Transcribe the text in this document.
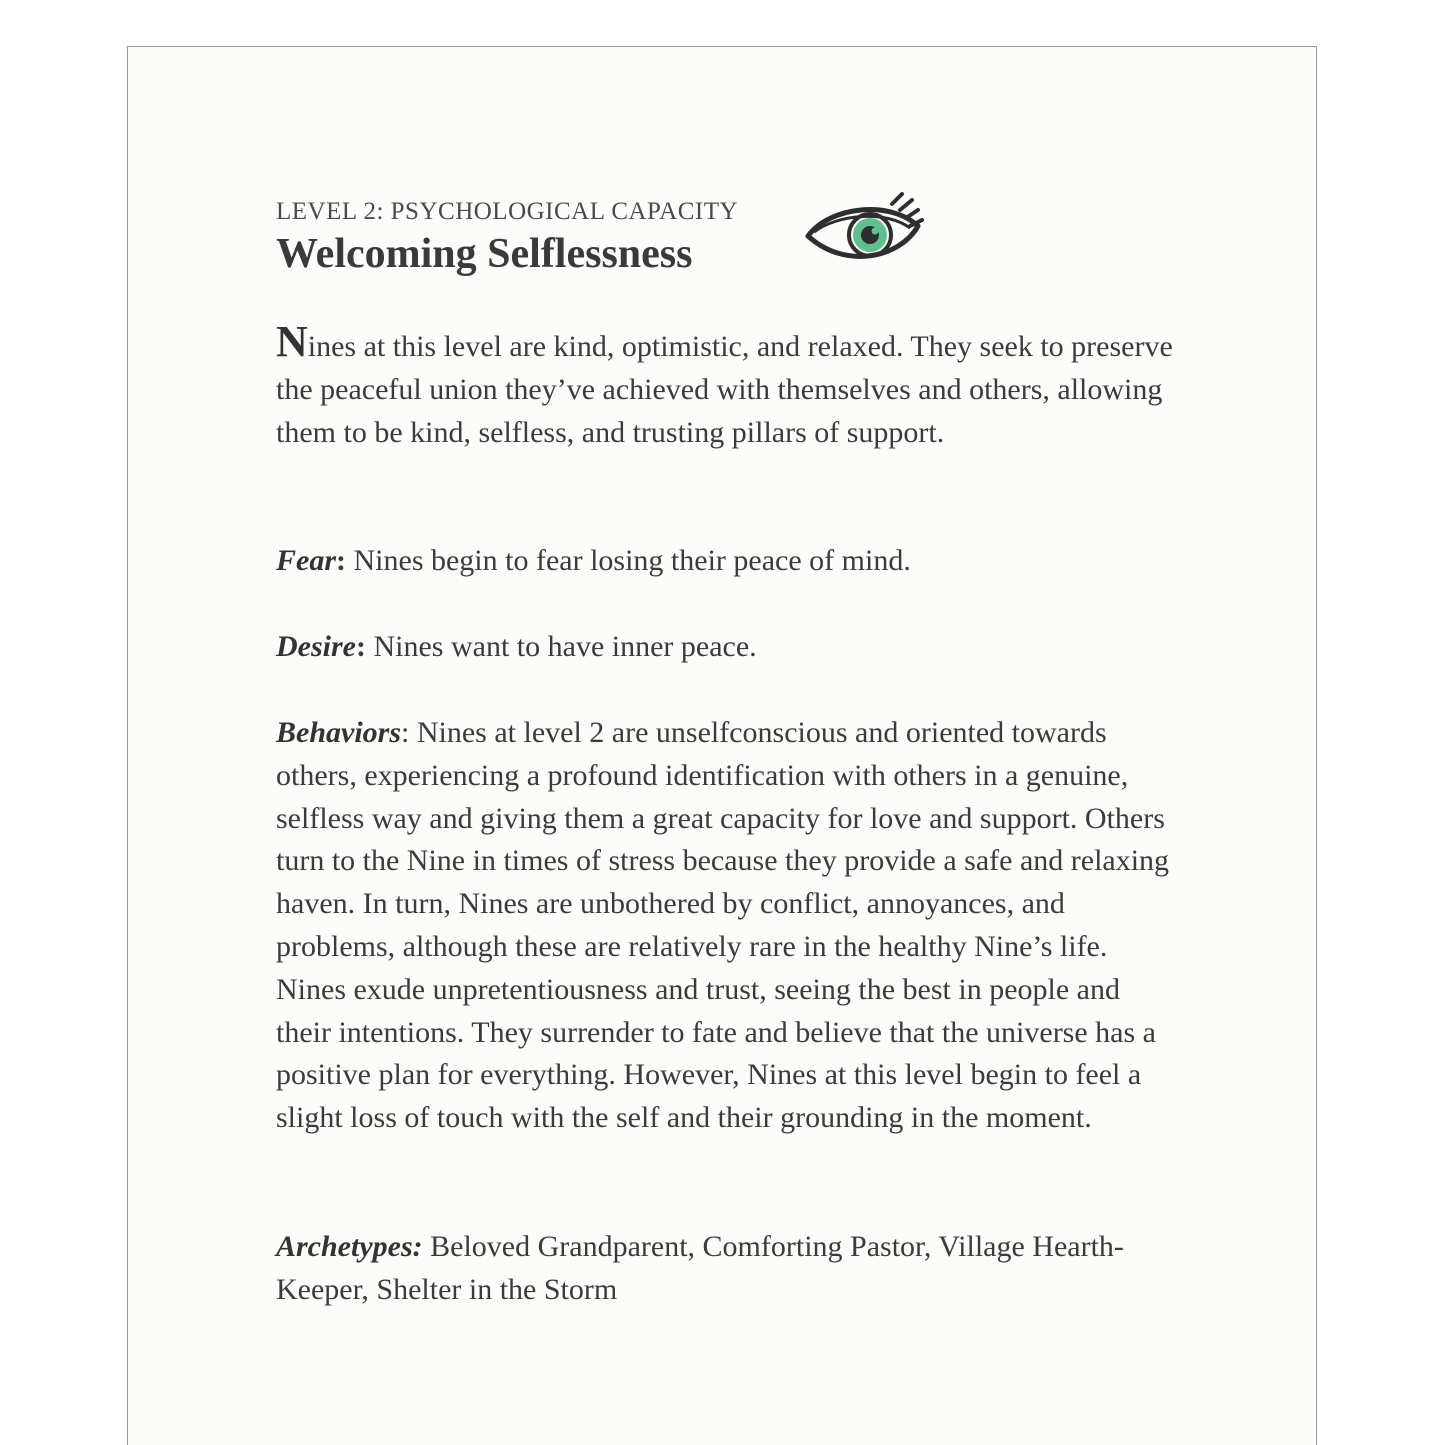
LEVEL 2: PSYCHOLOGICAL CAPACITY
Welcoming Selflessness
Nines at this level are kind, optimistic, and relaxed. They seek to preserve the peaceful union they’ve achieved with themselves and others, allowing them to be kind, selfless, and trusting pillars of support.
Fear: Nines begin to fear losing their peace of mind.
Desire: Nines want to have inner peace.
Behaviors: Nines at level 2 are unselfconscious and oriented towards others, experiencing a profound identification with others in a genuine, selfless way and giving them a great capacity for love and support. Others turn to the Nine in times of stress because they provide a safe and relaxing haven. In turn, Nines are unbothered by conflict, annoyances, and problems, although these are relatively rare in the healthy Nine’s life. Nines exude unpretentiousness and trust, seeing the best in people and their intentions. They surrender to fate and believe that the universe has a positive plan for everything. However, Nines at this level begin to feel a slight loss of touch with the self and their grounding in the moment.
Archetypes: Beloved Grandparent, Comforting Pastor, Village Hearth-Keeper, Shelter in the Storm
